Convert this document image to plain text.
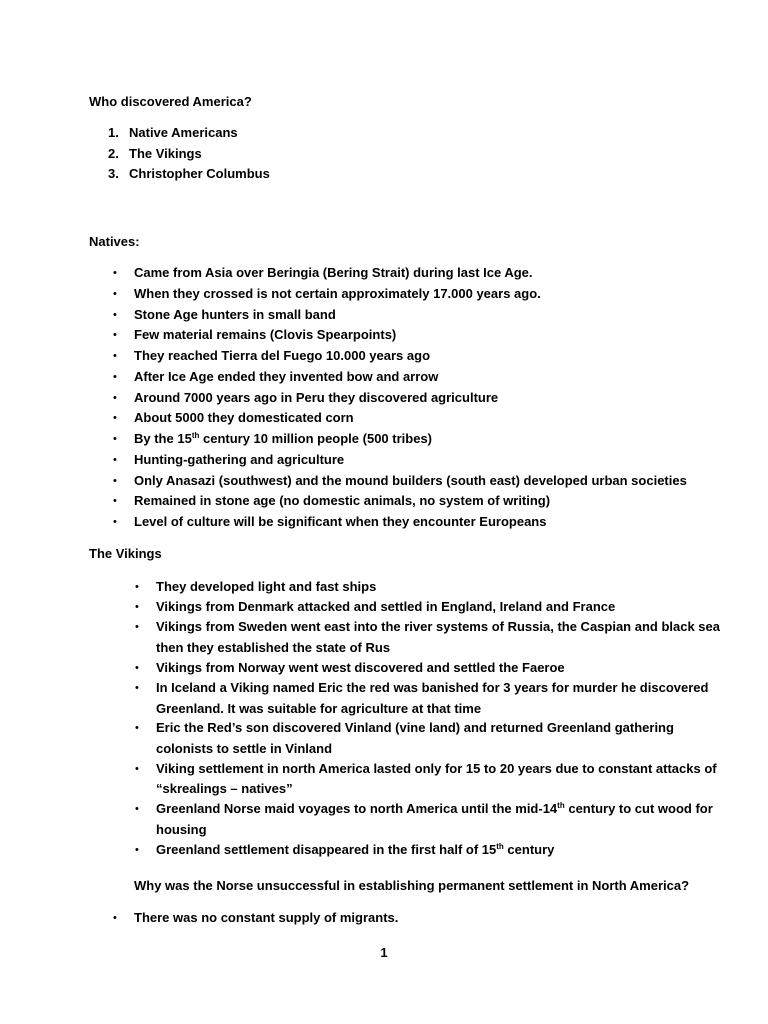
Who discovered America?
1. Native Americans
2. The Vikings
3. Christopher Columbus
Natives:
• Came from Asia over Beringia (Bering Strait) during last Ice Age.
• When they crossed is not certain approximately 17.000 years ago.
• Stone Age hunters in small band
• Few material remains (Clovis Spearpoints)
• They reached Tierra del Fuego 10.000 years ago
• After Ice Age ended they invented bow and arrow
• Around 7000 years ago in Peru they discovered agriculture
• About 5000 they domesticated corn
• By the 15th century 10 million people (500 tribes)
• Hunting-gathering and agriculture
• Only Anasazi (southwest) and the mound builders (south east) developed urban societies
• Remained in stone age (no domestic animals, no system of writing)
• Level of culture will be significant when they encounter Europeans
The Vikings
• They developed light and fast ships
• Vikings from Denmark attacked and settled in England, Ireland and France
• Vikings from Sweden went east into the river systems of Russia, the Caspian and black sea
then they established the state of Rus
• Vikings from Norway went west discovered and settled the Faeroe
• In Iceland a Viking named Eric the red was banished for 3 years for murder he discovered
Greenland. It was suitable for agriculture at that time
• Eric the Red’s son discovered Vinland (vine land) and returned Greenland gathering
colonists to settle in Vinland
• Viking settlement in north America lasted only for 15 to 20 years due to constant attacks of
“skrealings – natives”
• Greenland Norse maid voyages to north America until the mid-14th century to cut wood for
housing
• Greenland settlement disappeared in the first half of 15th century
Why was the Norse unsuccessful in establishing permanent settlement in North America?
• There was no constant supply of migrants.
1
